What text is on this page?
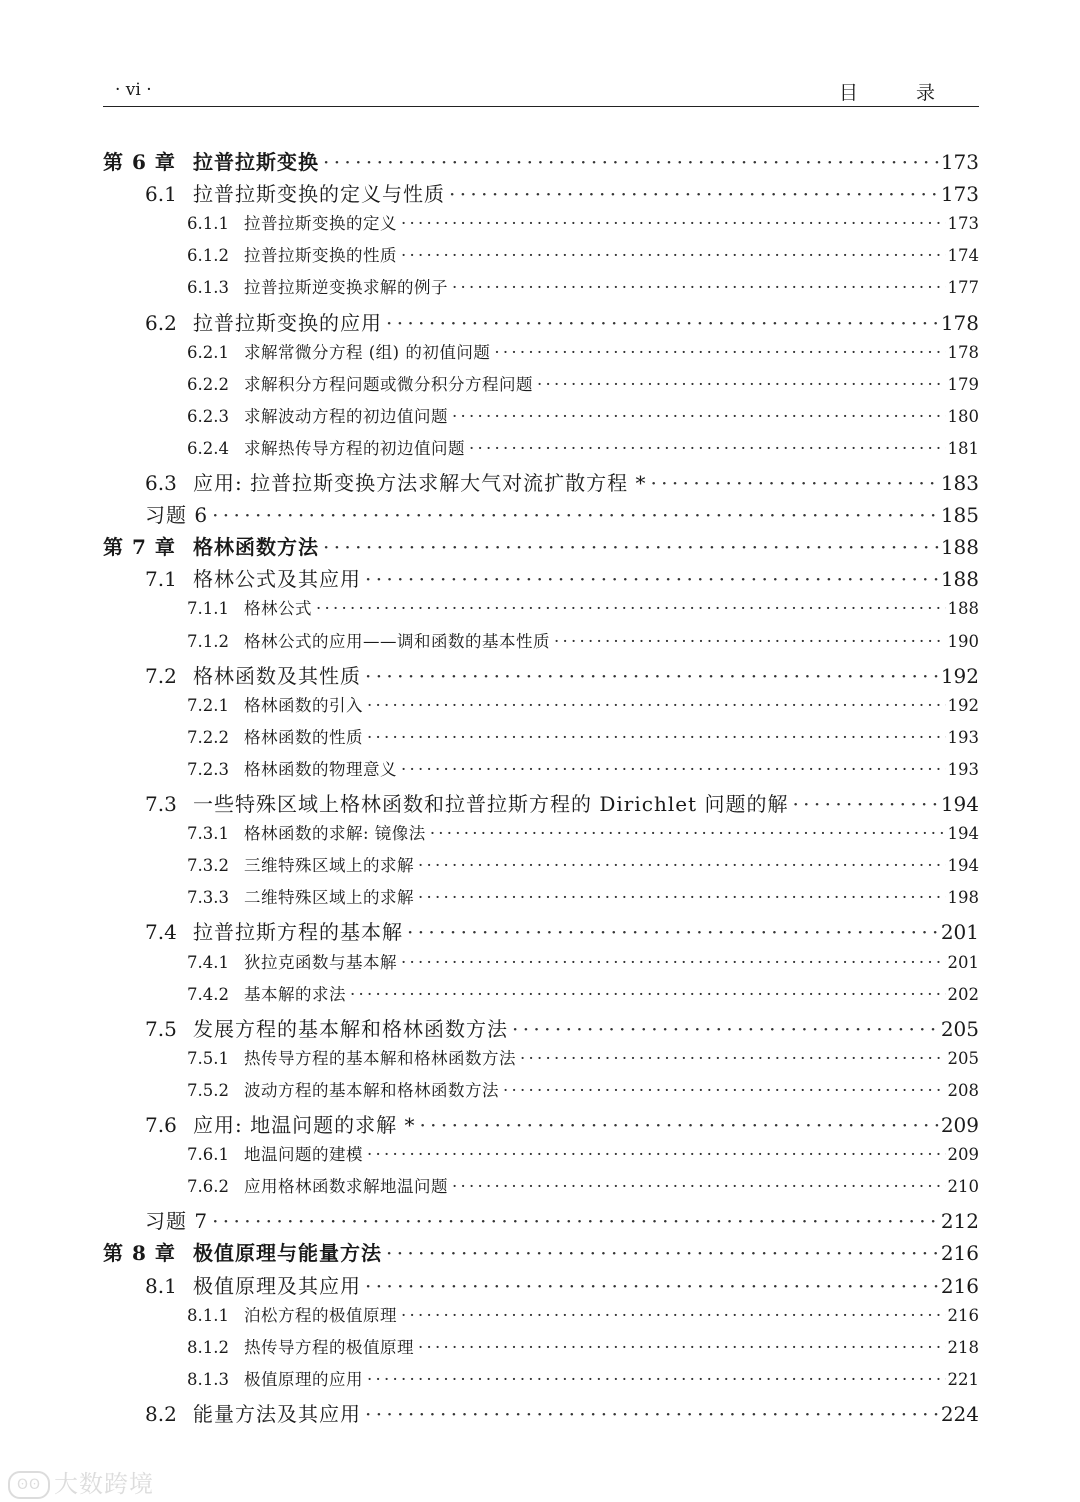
· vi ·	目 录
第 6 章 拉普拉斯变换 · · ·	173
6.1 拉普拉斯变换的定义与性质 · · ·	173
6.1.1 拉普拉斯变换的定义 · · ·	173
6.1.2 拉普拉斯变换的性质 · · ·	174
6.1.3 拉普拉斯逆变换求解的例子 · · ·	177
6.2 拉普拉斯变换的应用 · · ·	178
6.2.1 求解常微分方程 (组) 的初值问题 · · ·	178
6.2.2 求解积分方程问题或微分积分方程问题 · · ·	179
6.2.3 求解波动方程的初边值问题 · · ·	180
6.2.4 求解热传导方程的初边值问题 · · ·	181
6.3 应用: 拉普拉斯变换方法求解大气对流扩散方程 * · · ·	183
习题 6 · · ·	185
第 7 章 格林函数方法 · · ·	188
7.1 格林公式及其应用 · · ·	188
7.1.1 格林公式 · · ·	188
7.1.2 格林公式的应用——调和函数的基本性质 · · ·	190
7.2 格林函数及其性质 · · ·	192
7.2.1 格林函数的引入 · · ·	192
7.2.2 格林函数的性质 · · ·	193
7.2.3 格林函数的物理意义 · · ·	193
7.3 一些特殊区域上格林函数和拉普拉斯方程的 Dirichlet 问题的解 · · ·	194
7.3.1 格林函数的求解: 镜像法 · · ·	194
7.3.2 三维特殊区域上的求解 · · ·	194
7.3.3 二维特殊区域上的求解 · · ·	198
7.4 拉普拉斯方程的基本解 · · ·	201
7.4.1 狄拉克函数与基本解 · · ·	201
7.4.2 基本解的求法 · · ·	202
7.5 发展方程的基本解和格林函数方法 · · ·	205
7.5.1 热传导方程的基本解和格林函数方法 · · ·	205
7.5.2 波动方程的基本解和格林函数方法 · · ·	208
7.6 应用: 地温问题的求解 * · · ·	209
7.6.1 地温问题的建模 · · ·	209
7.6.2 应用格林函数求解地温问题 · · ·	210
习题 7 · · ·	212
第 8 章 极值原理与能量方法 · · ·	216
8.1 极值原理及其应用 · · ·	216
8.1.1 泊松方程的极值原理 · · ·	216
8.1.2 热传导方程的极值原理 · · ·	218
8.1.3 极值原理的应用 · · ·	221
8.2 能量方法及其应用 · · ·	224
ʘʘ 大数跨境
